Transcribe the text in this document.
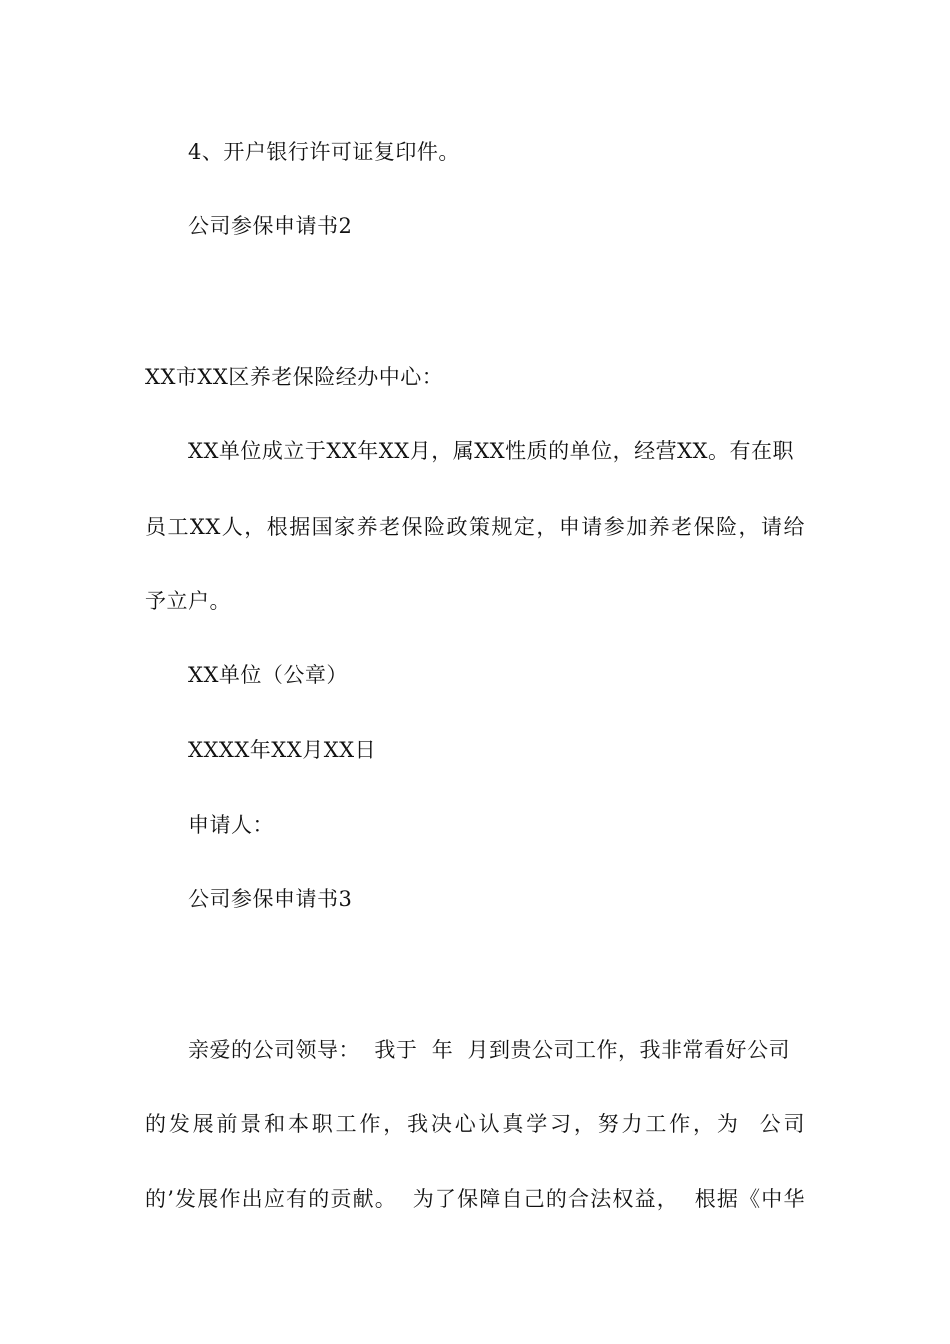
4、开户银行许可证复印件。
公司参保申请书2
XX市XX区养老保险经办中心：
XX单位成立于XX年XX月，属XX性质的单位，经营XX。有在职
员工XX人，根据国家养老保险政策规定，申请参加养老保险，请给
予立户。
XX单位（公章）
XXXX年XX月XX日
申请人：
公司参保申请书3
亲爱的公司领导：  我于  年  月到贵公司工作，我非常看好公司
的发展前景和本职工作，我决心认真学习，努力工作，为  公司
的’发展作出应有的贡献。  为了保障自己的合法权益，  根据《中华
